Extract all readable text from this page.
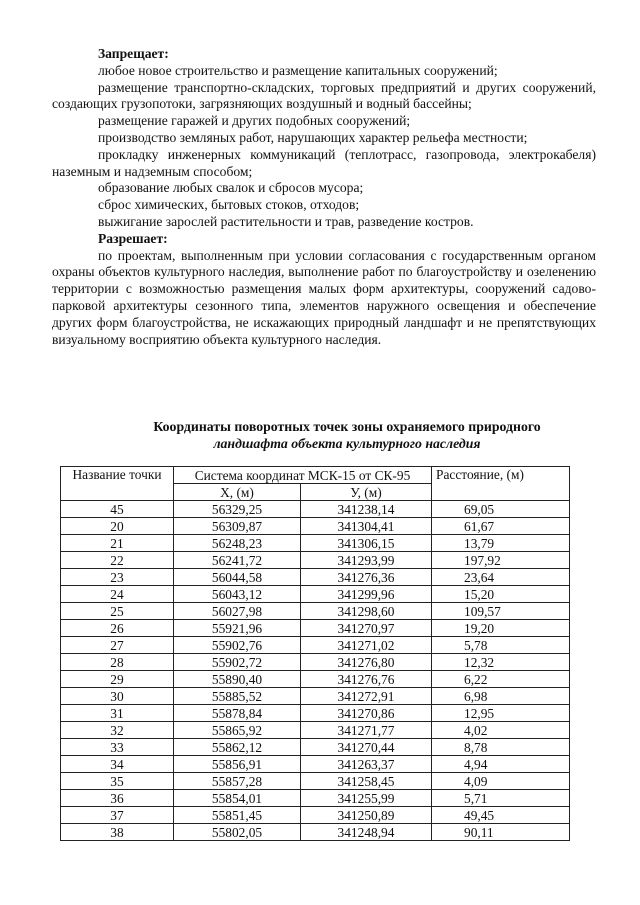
Запрещает:
любое новое строительство и размещение капитальных сооружений;
размещение транспортно-складских, торговых предприятий и других сооружений, создающих грузопотоки, загрязняющих воздушный и водный бассейны;
размещение гаражей и других подобных сооружений;
производство земляных работ, нарушающих характер рельефа местности;
прокладку инженерных коммуникаций (теплотрасс, газопровода, электрокабеля) наземным и надземным способом;
образование любых свалок и сбросов мусора;
сброс химических, бытовых стоков, отходов;
выжигание зарослей растительности и трав, разведение костров.
Разрешает:
по проектам, выполненным при условии согласования с государственным органом охраны объектов культурного наследия, выполнение работ по благоустройству и озеленению территории с возможностью размещения малых форм архитектуры, сооружений садово-парковой архитектуры сезонного типа, элементов наружного освещения и обеспечение других форм благоустройства, не искажающих природный ландшафт и не препятствующих визуальному восприятию объекта культурного наследия.
Координаты поворотных точек зоны охраняемого природного
ландшафта объекта культурного наследия
Название точки	Система координат МСК-15 от СК-95		Расстояние, (м)
	X, (м)	У, (м)	
45	56329,25	341238,14	69,05
20	56309,87	341304,41	61,67
21	56248,23	341306,15	13,79
22	56241,72	341293,99	197,92
23	56044,58	341276,36	23,64
24	56043,12	341299,96	15,20
25	56027,98	341298,60	109,57
26	55921,96	341270,97	19,20
27	55902,76	341271,02	5,78
28	55902,72	341276,80	12,32
29	55890,40	341276,76	6,22
30	55885,52	341272,91	6,98
31	55878,84	341270,86	12,95
32	55865,92	341271,77	4,02
33	55862,12	341270,44	8,78
34	55856,91	341263,37	4,94
35	55857,28	341258,45	4,09
36	55854,01	341255,99	5,71
37	55851,45	341250,89	49,45
38	55802,05	341248,94	90,11
